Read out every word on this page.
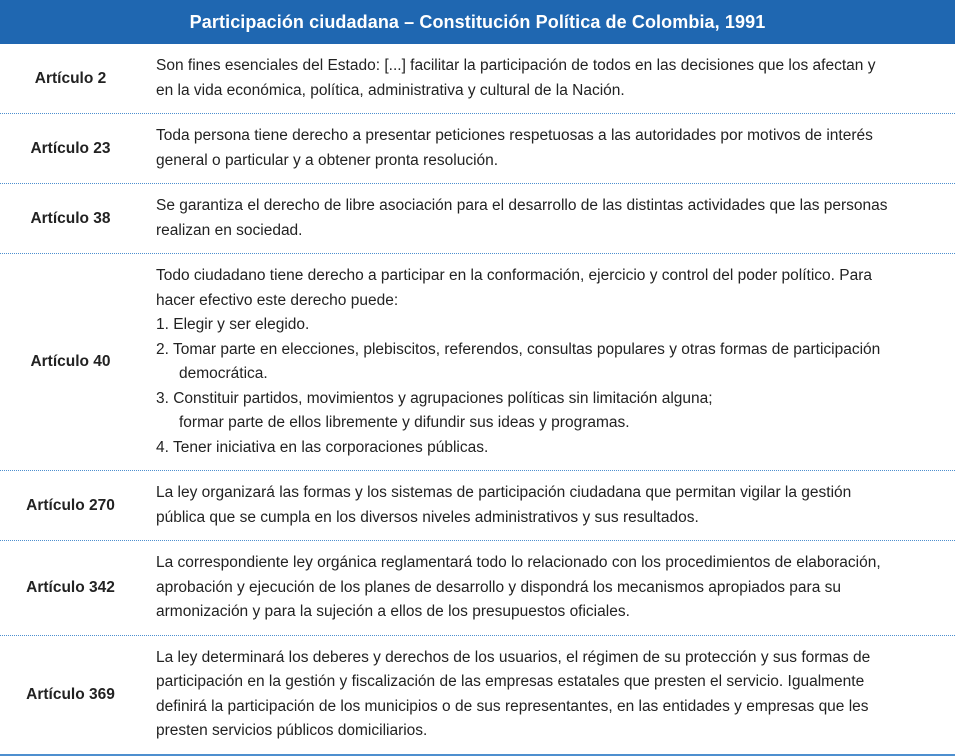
Participación ciudadana – Constitución Política de Colombia, 1991
Artículo 2

Son fines esenciales del Estado: [...] facilitar la participación de todos en las decisiones que los afectan y

en la vida económica, política, administrativa y cultural de la Nación.

Artículo 23

Toda persona tiene derecho a presentar peticiones respetuosas a las autoridades por motivos de interés

general o particular y a obtener pronta resolución.

Artículo 38

Se garantiza el derecho de libre asociación para el desarrollo de las distintas actividades que las personas

realizan en sociedad.

Artículo 40

Todo ciudadano tiene derecho a participar en la conformación, ejercicio y control del poder político. Para

hacer efectivo este derecho puede:

1. Elegir y ser elegido.

2. Tomar parte en elecciones, plebiscitos, referendos, consultas populares y otras formas de participación

democrática.

3. Constituir partidos, movimientos y agrupaciones políticas sin limitación alguna;

formar parte de ellos libremente y difundir sus ideas y programas.

4. Tener iniciativa en las corporaciones públicas.

Artículo 270

La ley organizará las formas y los sistemas de participación ciudadana que permitan vigilar la gestión

pública que se cumpla en los diversos niveles administrativos y sus resultados.

Artículo 342

La correspondiente ley orgánica reglamentará todo lo relacionado con los procedimientos de elaboración,

aprobación y ejecución de los planes de desarrollo y dispondrá los mecanismos apropiados para su

armonización y para la sujeción a ellos de los presupuestos oficiales.

Artículo 369

La ley determinará los deberes y derechos de los usuarios, el régimen de su protección y sus formas de

participación en la gestión y fiscalización de las empresas estatales que presten el servicio. Igualmente

definirá la participación de los municipios o de sus representantes, en las entidades y empresas que les

presten servicios públicos domiciliarios.
